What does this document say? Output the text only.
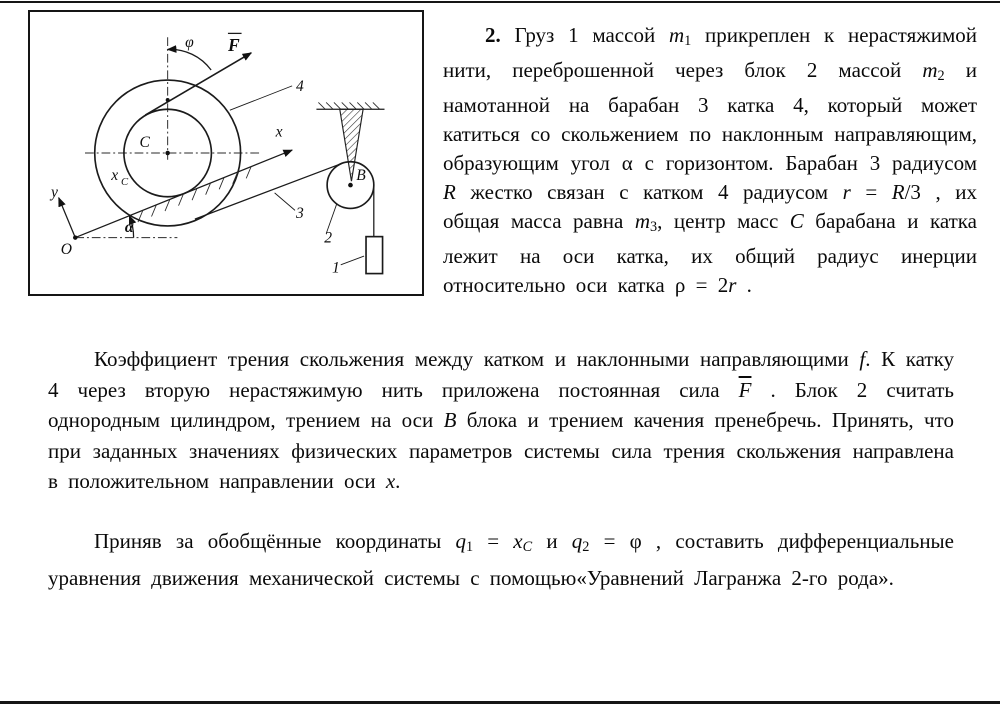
φ F
4
x
C
x C
y
3
B
α
O
2
1
2. Груз 1 массой m1 прикреплен к нерастяжимой нити, переброшенной через блок 2 массой m2 и намотанной на барабан 3 катка 4, который может катиться со скольжением по наклонным направляющим, образующим угол α с горизонтом. Барабан 3 радиусом R жестко связан с катком 4 радиусом r = R/3 , их общая масса равна m3, центр масс C барабана и катка лежит на оси катка, их общий радиус инерции относительно оси катка ρ = 2r .
Коэффициент трения скольжения между катком и наклонными направляющими f. К катку 4 через вторую нерастяжимую нить приложена постоянная сила $\overline{F}$ . Блок 2 считать однородным цилиндром, трением на оси B блока и трением качения пренебречь. Принять, что при заданных значениях физических параметров системы сила трения скольжения направлена в положительном направлении оси x.
Приняв за обобщённые координаты q1 = xC и q2 = φ , составить дифференциальные уравнения движения механической системы с помощью«Уравнений Лагранжа 2-го рода».
